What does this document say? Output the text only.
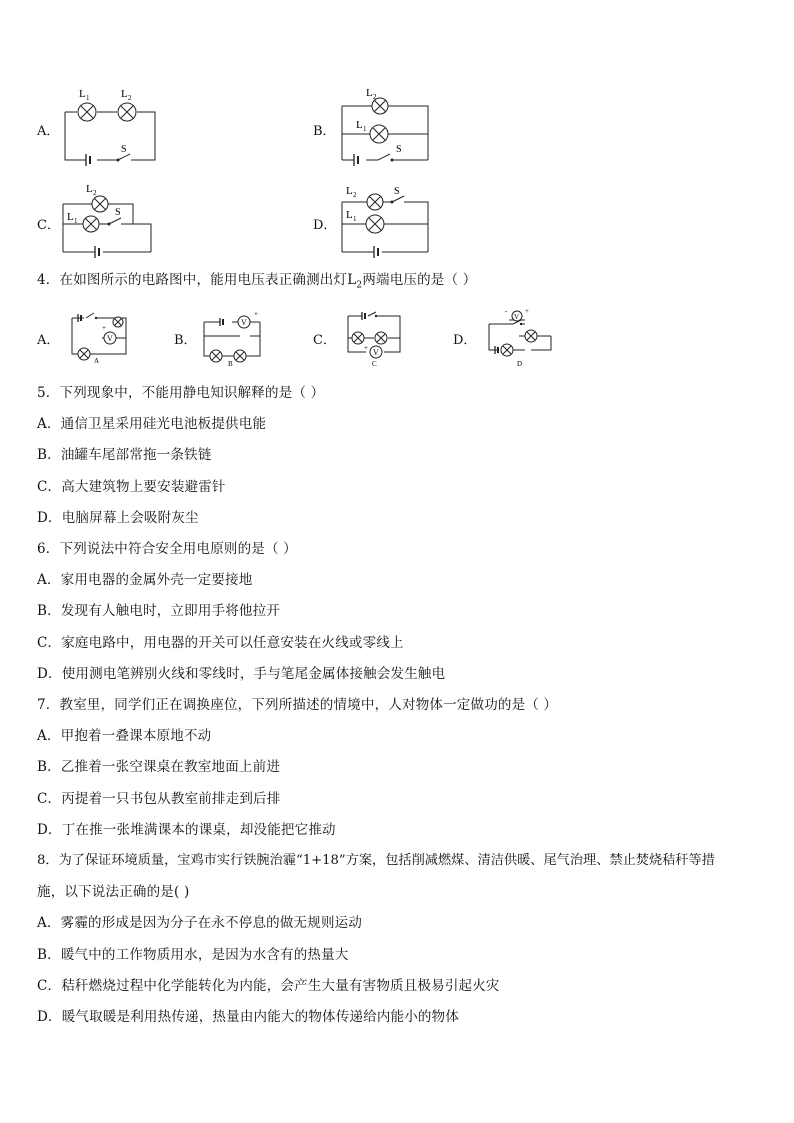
A．
L 1	L 2
S
B．
L 2
L 1
S
C．
L 2
L 1
S
D．
L 2
L 1
S
4．在如图所示的电路图中，能用电压表正确测出灯$L_2$两端电压的是（ ）
A．	V
+
A
B．
V
+
B
C．
V
+
C
D．
V
-	+
D
5．下列现象中，不能用静电知识解释的是（ ）
A．通信卫星采用硅光电池板提供电能
B．油罐车尾部常拖一条铁链
C．高大建筑物上要安装避雷针
D．电脑屏幕上会吸附灰尘
6．下列说法中符合安全用电原则的是（ ）
A．家用电器的金属外壳一定要接地
B．发现有人触电时，立即用手将他拉开
C．家庭电路中，用电器的开关可以任意安装在火线或零线上
D．使用测电笔辨别火线和零线时，手与笔尾金属体接触会发生触电
7．教室里，同学们正在调换座位，下列所描述的情境中，人对物体一定做功的是（ ）
A．甲抱着一叠课本原地不动
B．乙推着一张空课桌在教室地面上前进
C．丙提着一只书包从教室前排走到后排
D．丁在推一张堆满课本的课桌，却没能把它推动
8．为了保证环境质量，宝鸡市实行铁腕治霾“1+18”方案，包括削减燃煤、清洁供暖、尾气治理、禁止焚烧秸秆等措
施，以下说法正确的是( )
A．雾霾的形成是因为分子在永不停息的做无规则运动
B．暖气中的工作物质用水，是因为水含有的热量大
C．秸秆燃烧过程中化学能转化为内能，会产生大量有害物质且极易引起火灾
D．暖气取暖是利用热传递，热量由内能大的物体传递给内能小的物体
